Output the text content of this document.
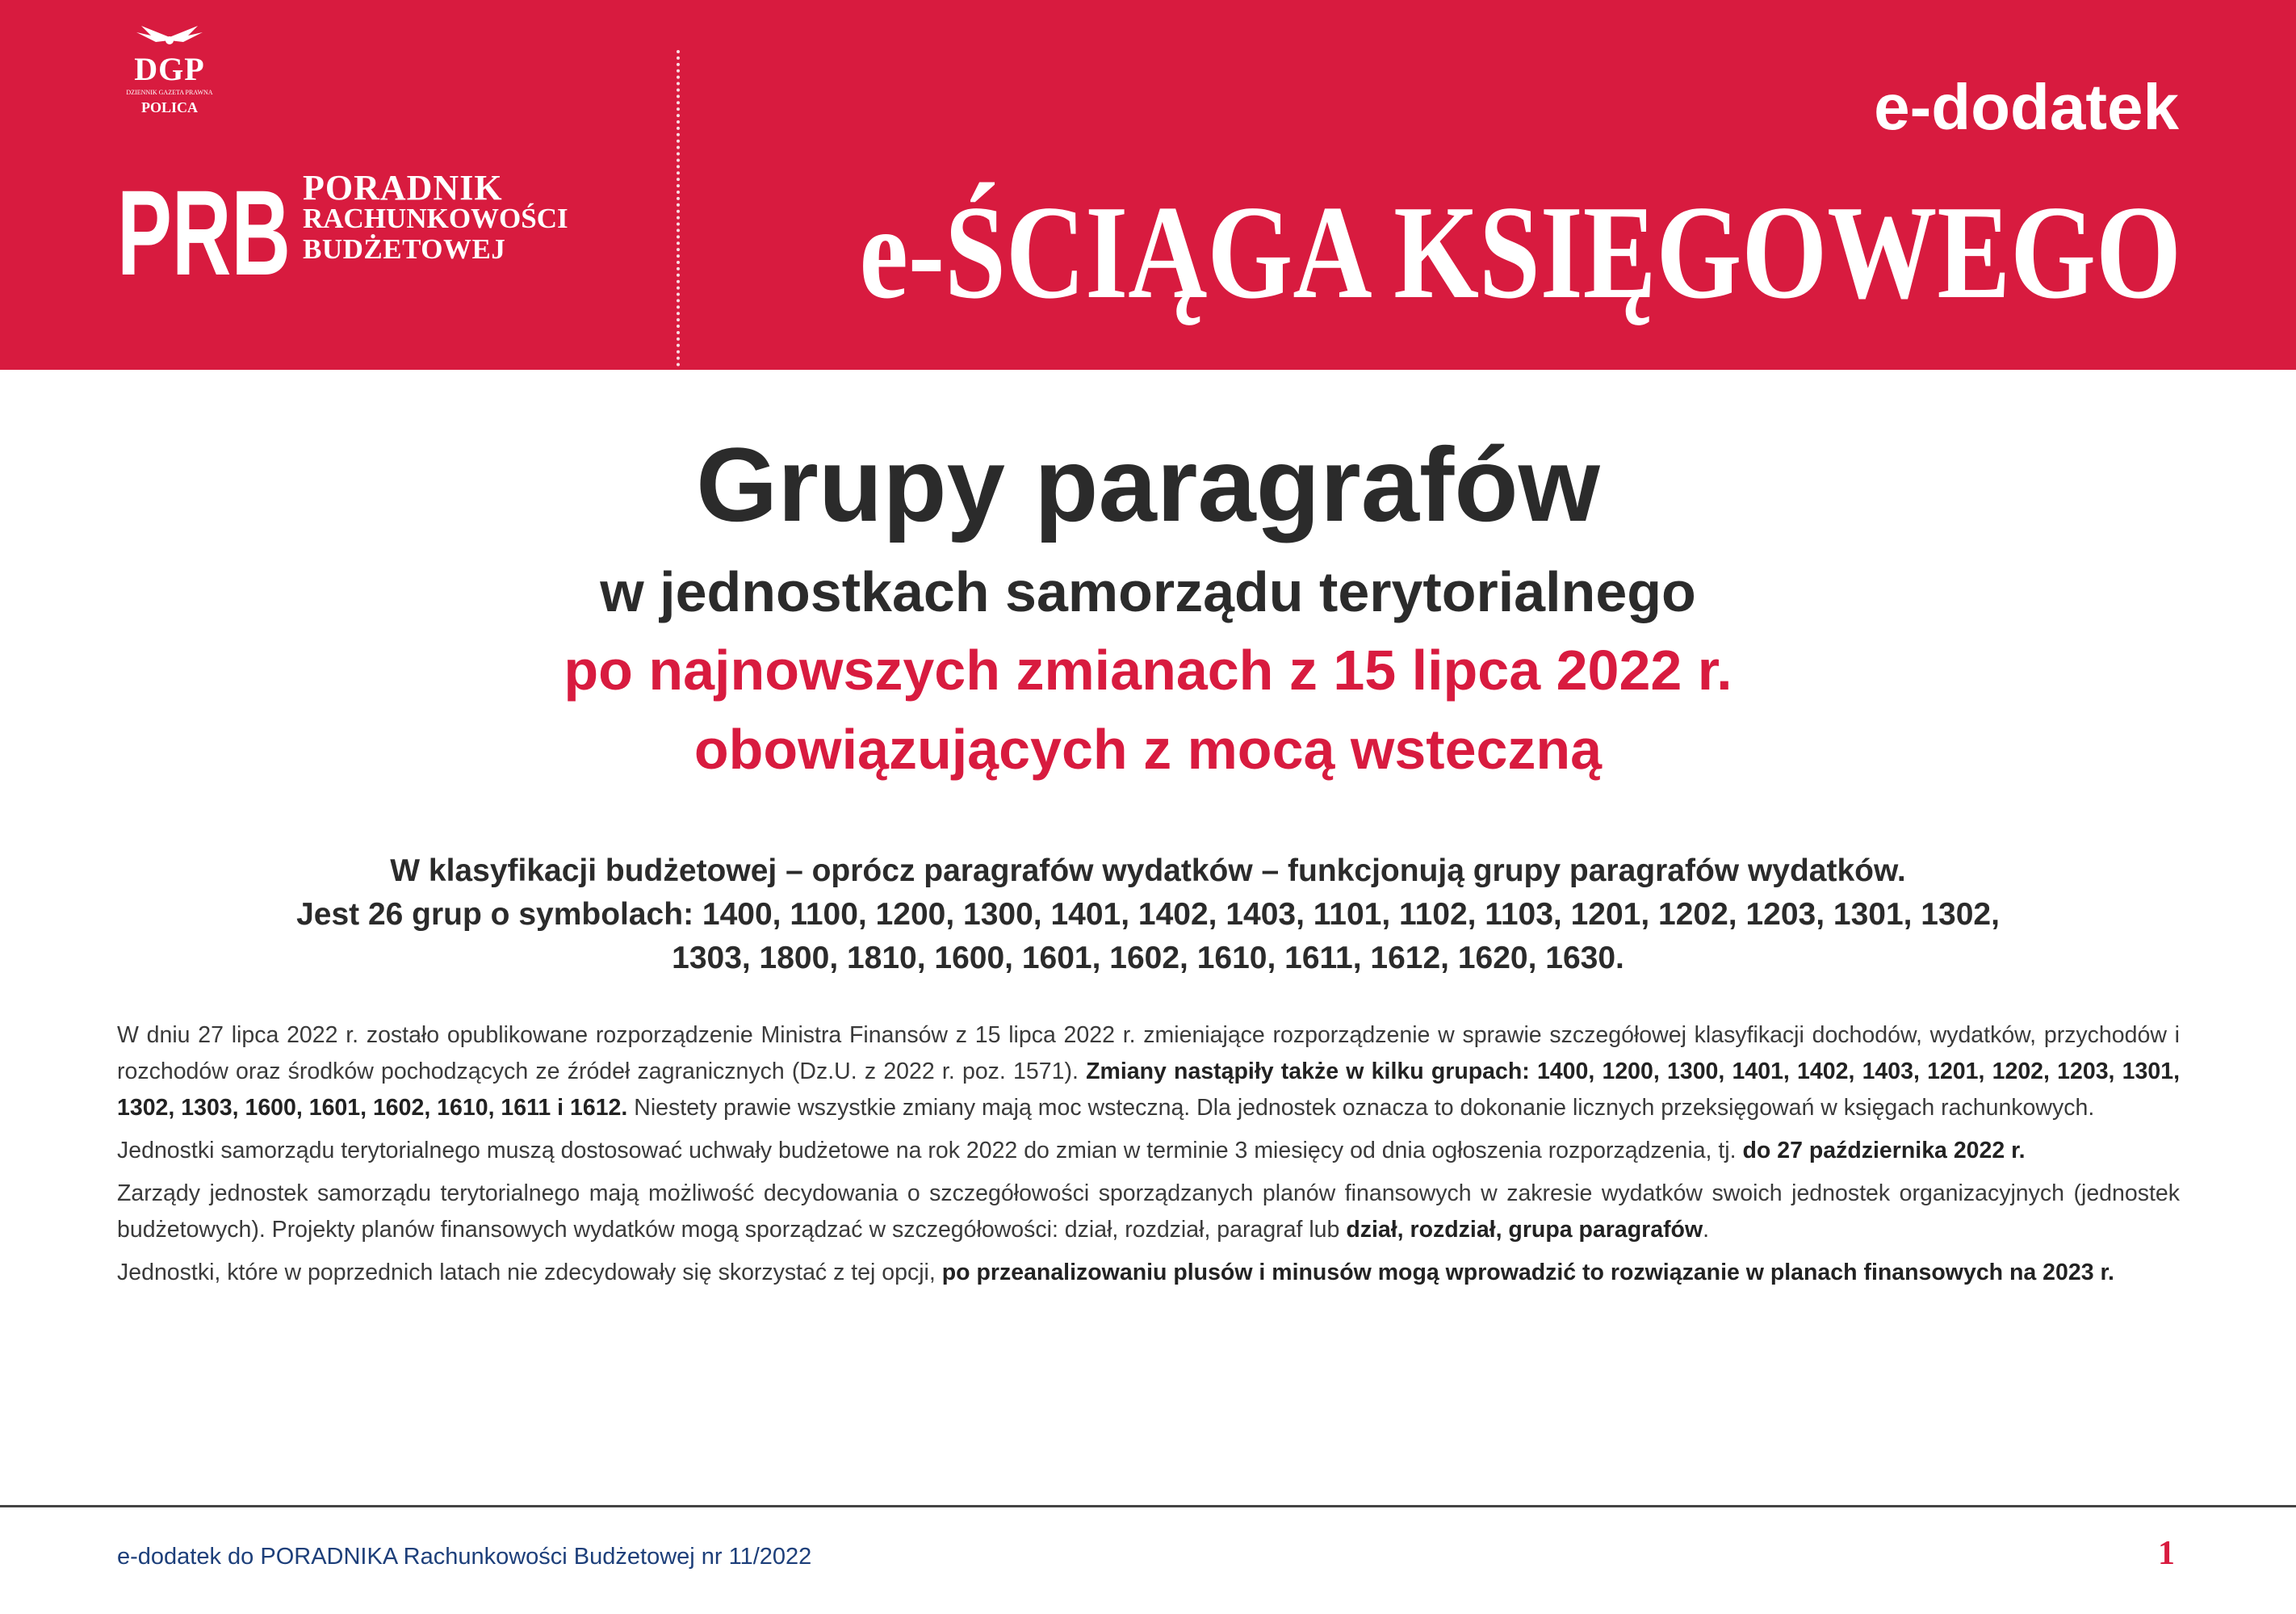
DGP
DZIENNIK GAZETA PRAWNA
POLICA
PRB PORADNIK
RACHUNKOWOŚCI
BUDŻETOWEJ
e-dodatek
e-ŚCIĄGA KSIĘGOWEGO
Grupy paragrafów
w jednostkach samorządu terytorialnego
po najnowszych zmianach z 15 lipca 2022 r.
obowiązujących z mocą wsteczną
W klasyfikacji budżetowej – oprócz paragrafów wydatków – funkcjonują grupy paragrafów wydatków.
Jest 26 grup o symbolach: 1400, 1100, 1200, 1300, 1401, 1402, 1403, 1101, 1102, 1103, 1201, 1202, 1203, 1301, 1302,
1303, 1800, 1810, 1600, 1601, 1602, 1610, 1611, 1612, 1620, 1630.

W dniu 27 lipca 2022 r. zostało opublikowane rozporządzenie Ministra Finansów z 15 lipca 2022 r. zmieniające rozporządzenie w sprawie szczegółowej klasyfikacji dochodów, wydatków, przychodów i rozchodów oraz środków pochodzących ze źródeł zagranicznych (Dz.U. z 2022 r. poz. 1571). Zmiany nastąpiły także w kilku grupach: 1400, 1200, 1300, 1401, 1402, 1403, 1201, 1202, 1203, 1301, 1302, 1303, 1600, 1601, 1602, 1610, 1611 i 1612. Niestety prawie wszystkie zmiany mają moc wsteczną. Dla jednostek oznacza to dokonanie licznych przeksięgowań w księgach rachunkowych.

Jednostki samorządu terytorialnego muszą dostosować uchwały budżetowe na rok 2022 do zmian w terminie 3 miesięcy od dnia ogłoszenia rozporządzenia, tj. do 27 października 2022 r.

Zarządy jednostek samorządu terytorialnego mają możliwość decydowania o szczegółowości sporządzanych planów finansowych w zakresie wydatków swoich jednostek organizacyjnych (jednostek budżetowych). Projekty planów finansowych wydatków mogą sporządzać w szczegółowości: dział, rozdział, paragraf lub dział, rozdział, grupa paragrafów.

Jednostki, które w poprzednich latach nie zdecydowały się skorzystać z tej opcji, po przeanalizowaniu plusów i minusów mogą wprowadzić to rozwiązanie w planach finansowych na 2023 r.

e-dodatek do PORADNIKA Rachunkowości Budżetowej nr 11/2022	1
